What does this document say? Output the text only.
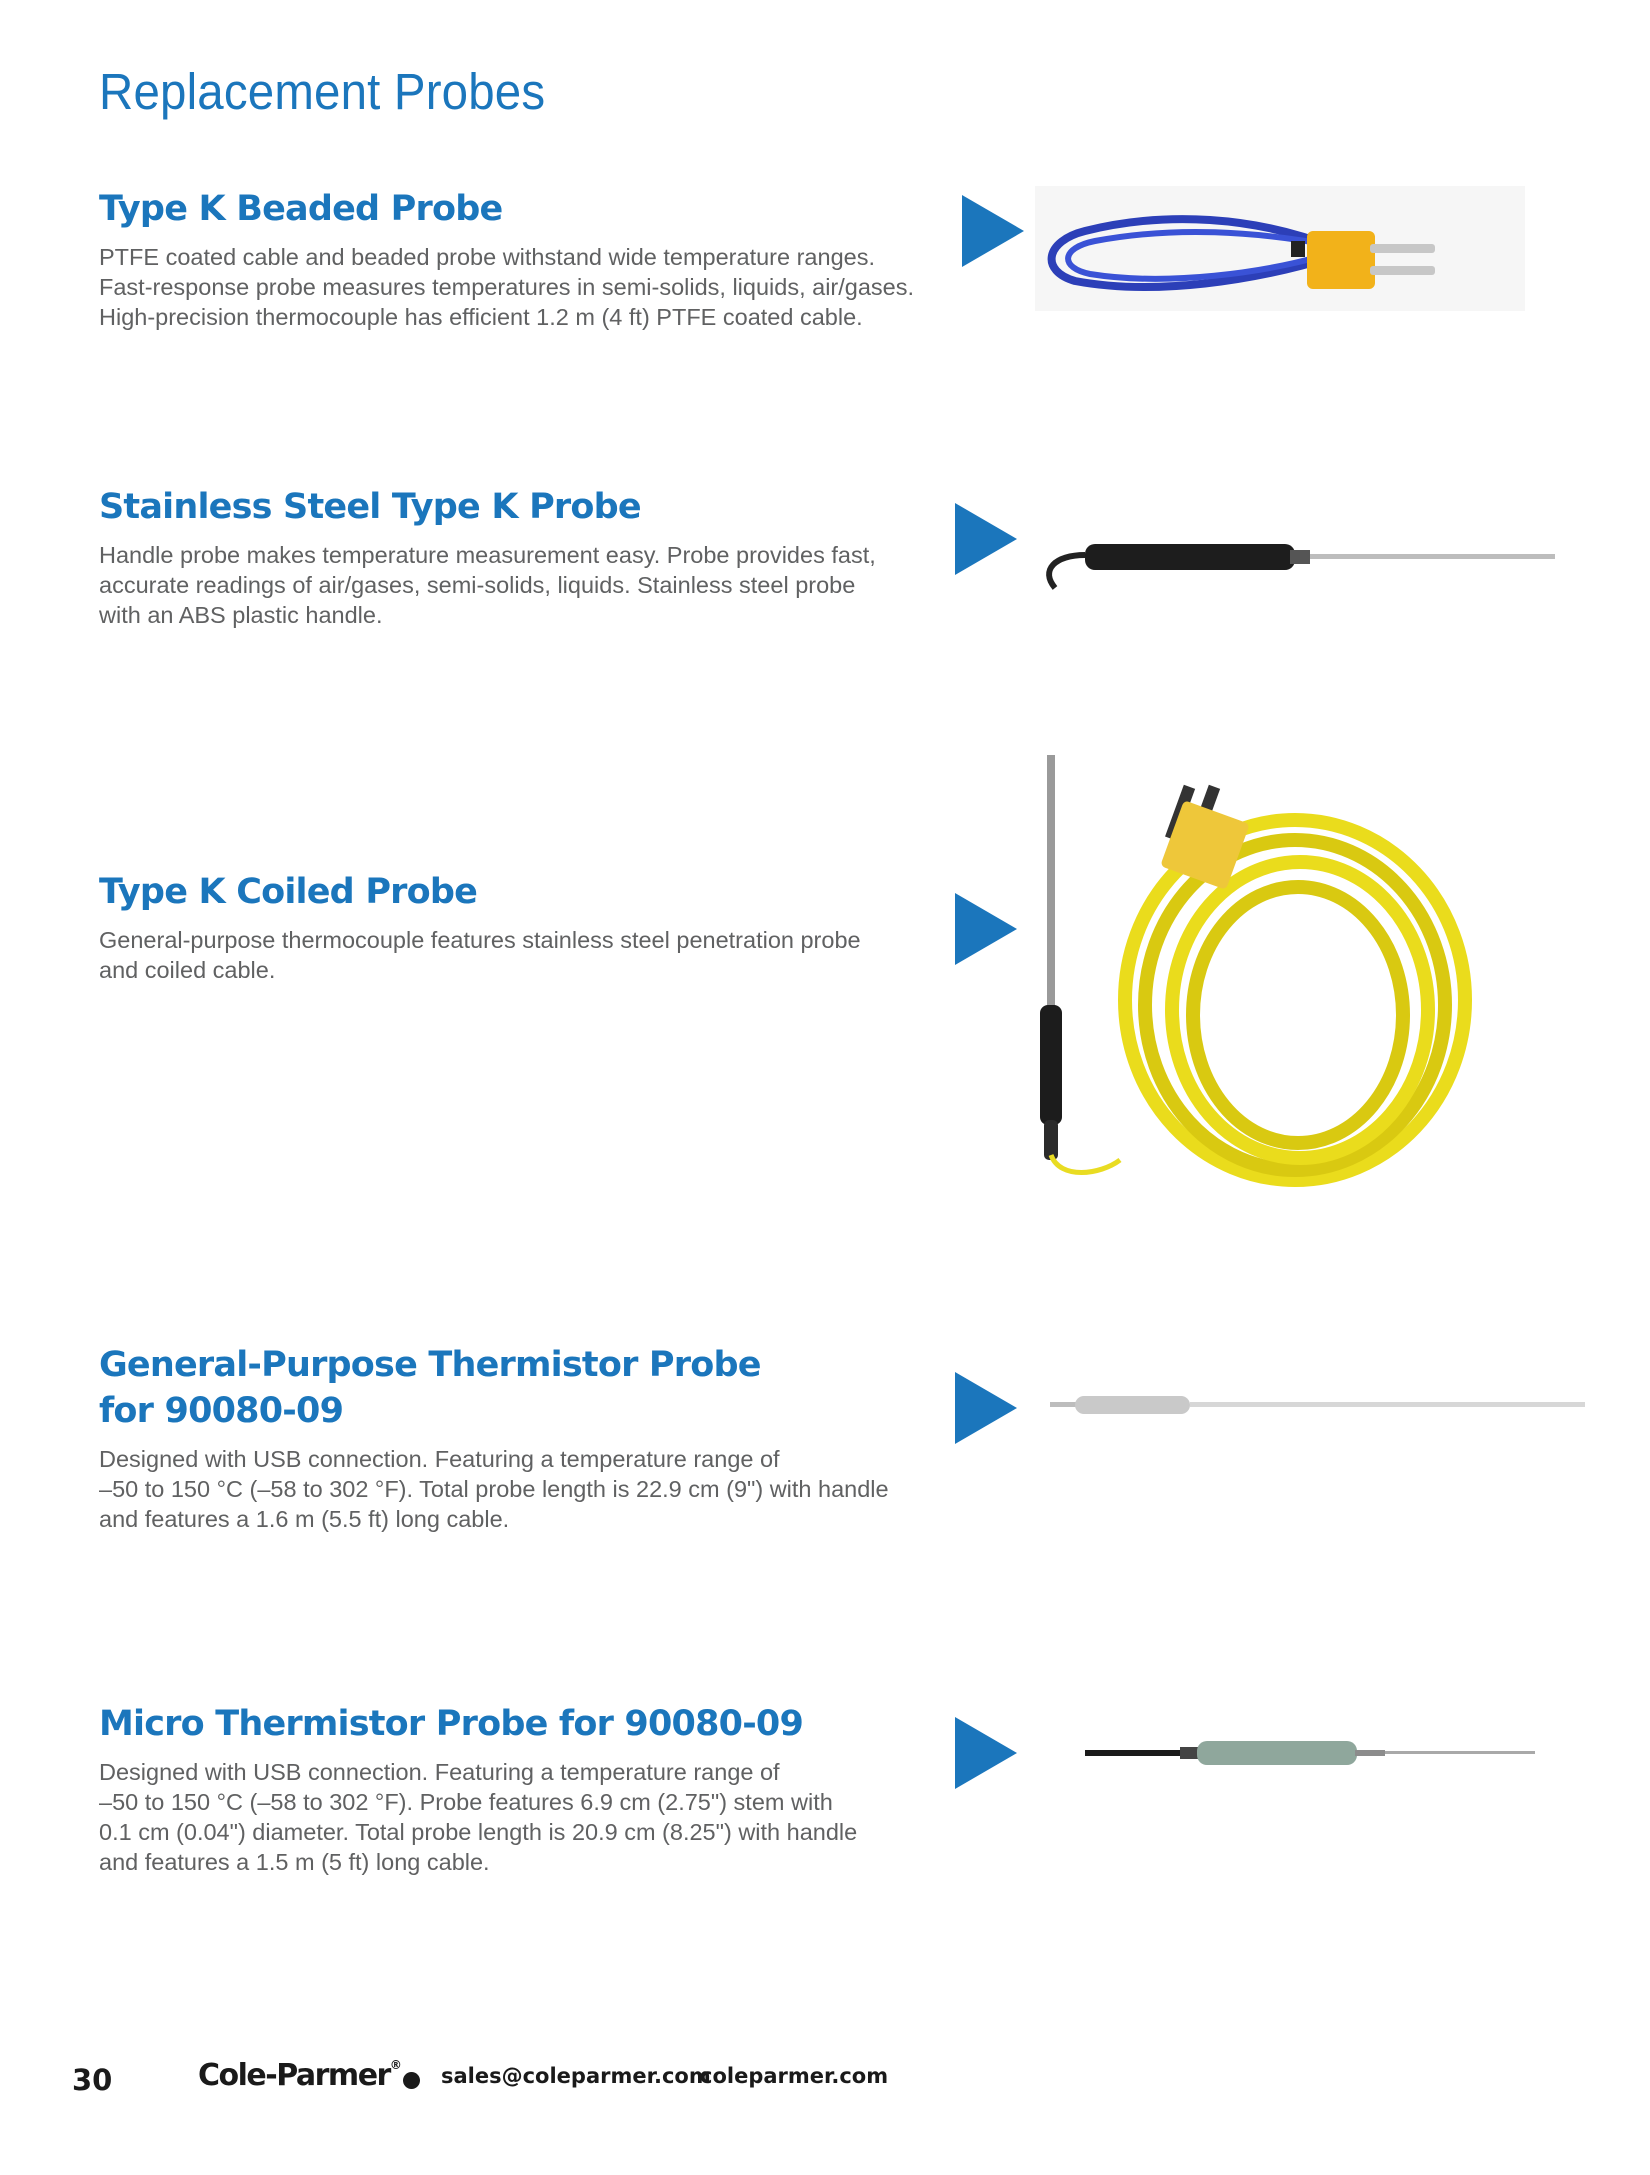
Replacement Probes
Type K Beaded Probe

PTFE coated cable and beaded probe withstand wide temperature ranges.
Fast-response probe measures temperatures in semi-solids, liquids, air/gases.
High-precision thermocouple has efficient 1.2 m (4 ft) PTFE coated cable.

Stainless Steel Type K Probe

Handle probe makes temperature measurement easy. Probe provides fast,
accurate readings of air/gases, semi-solids, liquids. Stainless steel probe
with an ABS plastic handle.

Type K Coiled Probe

General-purpose thermocouple features stainless steel penetration probe
and coiled cable.

General-Purpose Thermistor Probe
for 90080-09

Designed with USB connection. Featuring a temperature range of
–50 to 150 °C (–58 to 302 °F). Total probe length is 22.9 cm (9") with handle
and features a 1.6 m (5.5 ft) long cable.

Micro Thermistor Probe for 90080-09

Designed with USB connection. Featuring a temperature range of
–50 to 150 °C (–58 to 302 °F). Probe features 6.9 cm (2.75") stem with
0.1 cm (0.04") diameter. Total probe length is 20.9 cm (8.25") with handle
and features a 1.5 m (5 ft) long cable.

30	Cole-Parmer® sales@coleparmer.com
coleparmer.com
